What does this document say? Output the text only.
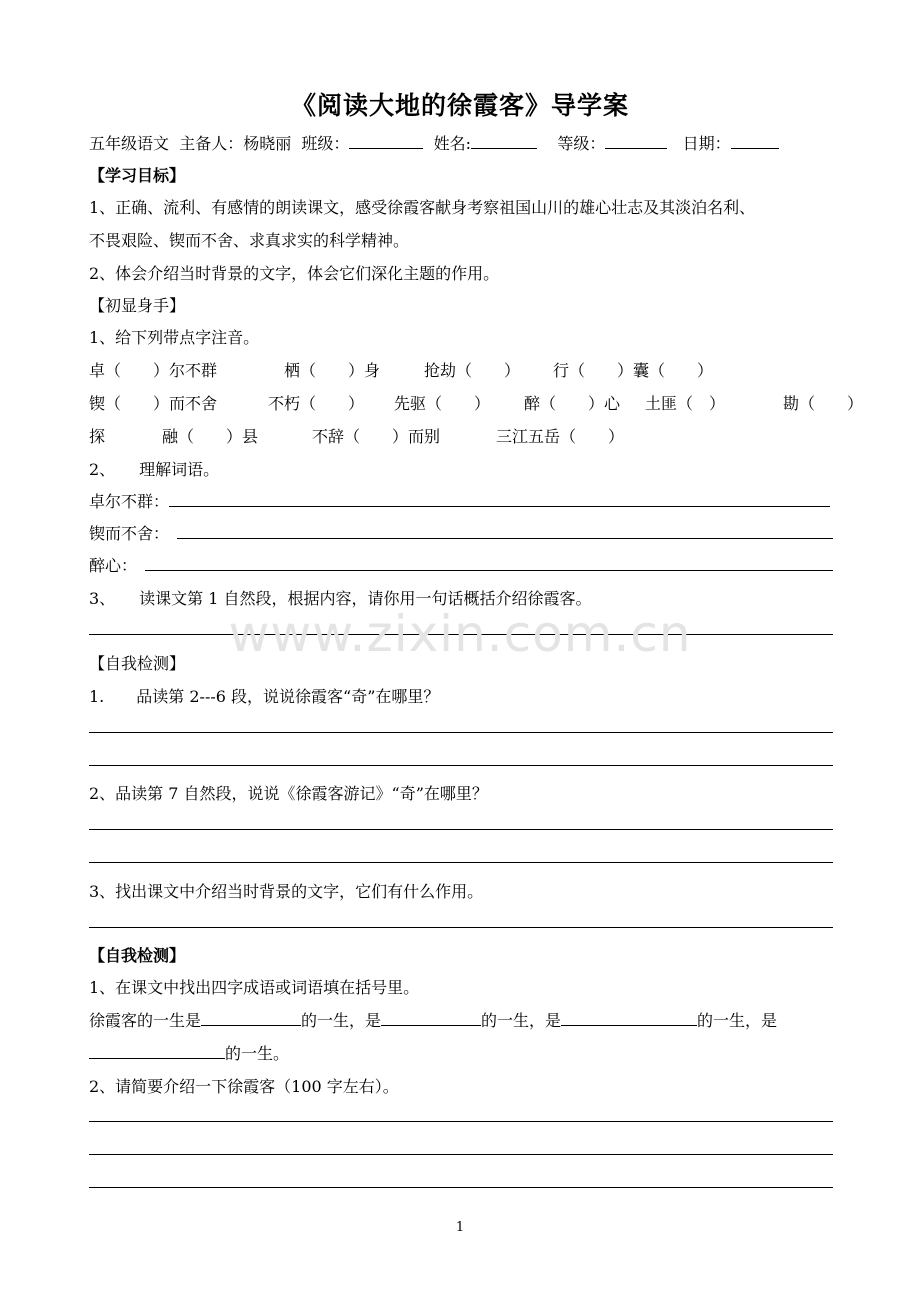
《阅读大地的徐霞客》导学案
五年级语文 主备人：杨晓丽 班级：	姓名:	等级：	日期：
【学习目标】
1、正确、流利、有感情的朗读课文，感受徐霞客献身考察祖国山川的雄心壮志及其淡泊名利、
不畏艰险、锲而不舍、求真求实的科学精神。
2、体会介绍当时背景的文字，体会它们深化主题的作用。
【初显身手】
1、给下列带点字注音。
卓（　　）尔不群	栖（　　）身	抢劫（　　） 行（　　）囊（　　）
锲（　　）而不舍	不朽（　　） 先驱（　　） 醉（　　）心 土匪（　）	勘（　　）
探	融（　　）县	不辞（　　）而别	三江五岳（　　）
2、　　理解词语。
卓尔不群：
锲而不舍：
醉心：
3、　　读课文第 1 自然段，根据内容，请你用一句话概括介绍徐霞客。
www.zixin.com.cn
【自我检测】
1.　　品读第 2---6 段，说说徐霞客“奇”在哪里？
2、品读第 7 自然段，说说《徐霞客游记》“奇”在哪里？
3、找出课文中介绍当时背景的文字，它们有什么作用。
【自我检测】
1、在课文中找出四字成语或词语填在括号里。
徐霞客的一生是	的一生，是	的一生，是	的一生，是
的一生。
2、请简要介绍一下徐霞客（100 字左右）。
1
